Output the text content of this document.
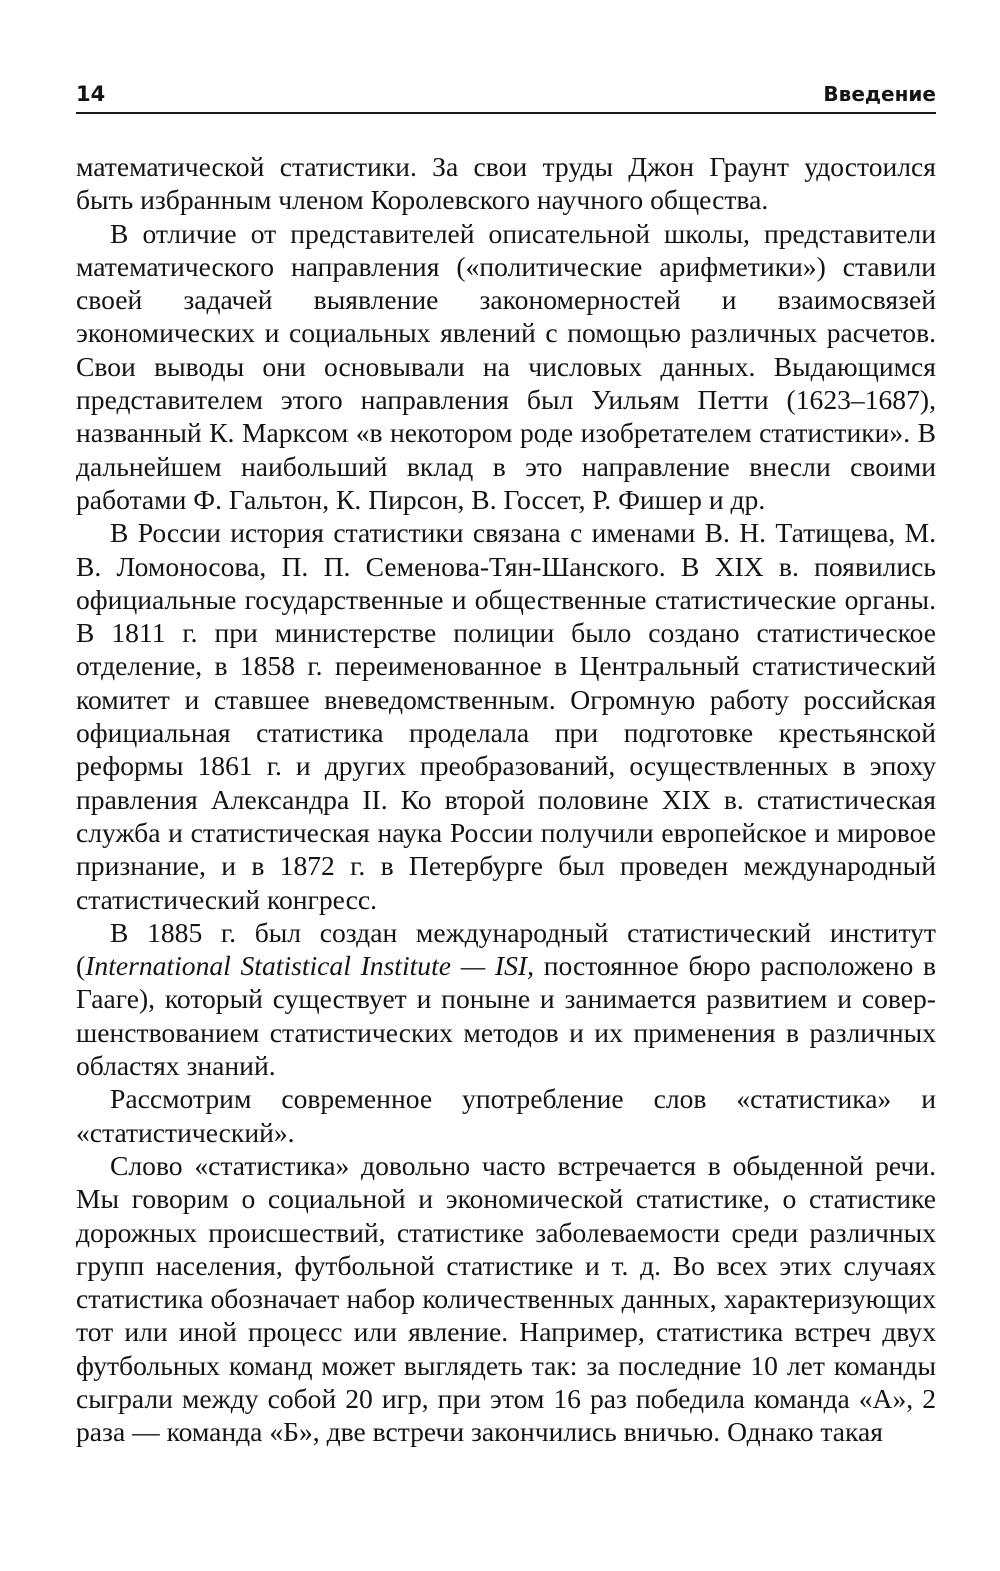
14	Введение

математической статистики. За свои труды Джон Граунт удостоился быть избранным членом Королевского научного общества.

В отличие от представителей описательной школы, представители математического направления («политические арифметики») ставили своей задачей выявление закономерностей и взаимосвязей экономических и социальных явлений с помощью различных расчетов. Свои выводы они основывали на числовых данных. Выдающимся представителем этого направления был Уильям Петти (1623–1687), названный К. Марксом «в некотором роде изобретателем статистики». В дальнейшем наибольший вклад в это направление внесли своими работами Ф. Гальтон, К. Пирсон, В. Госсет, Р. Фишер и др.

В России история статистики связана с именами В. Н. Татищева, М. В. Ломоносова, П. П. Семенова-Тян-Шанского. В XIX в. появились официальные государственные и общественные статистические органы. В 1811 г. при министерстве полиции было создано статистическое отделение, в 1858 г. переименованное в Центральный статистический комитет и ставшее вневедомственным. Огромную работу российская официальная статистика проделала при подготовке крестьянской реформы 1861 г. и других преобразований, осуществленных в эпоху правления Александра II. Ко второй половине XIX в. статистическая служба и статистическая наука России получили европейское и мировое признание, и в 1872 г. в Петербурге был проведен международный статистический конгресс.

В 1885 г. был создан международный статистический институт (International Statistical Institute — ISI, постоянное бюро расположено в Гааге), который существует и поныне и занимается развитием и совершенствованием статистических методов и их применения в различных областях знаний.

Рассмотрим современное употребление слов «статистика» и «статистический».

Слово «статистика» довольно часто встречается в обыденной речи. Мы говорим о социальной и экономической статистике, о статистике дорожных происшествий, статистике заболеваемости среди различных групп населения, футбольной статистике и т. д. Во всех этих случаях статистика обозначает набор количественных данных, характеризующих тот или иной процесс или явление. Например, статистика встреч двух футбольных команд может выглядеть так: за последние 10 лет команды сыграли между собой 20 игр, при этом 16 раз победила команда «А», 2 раза — команда «Б», две встречи закончились вничью. Однако такая
